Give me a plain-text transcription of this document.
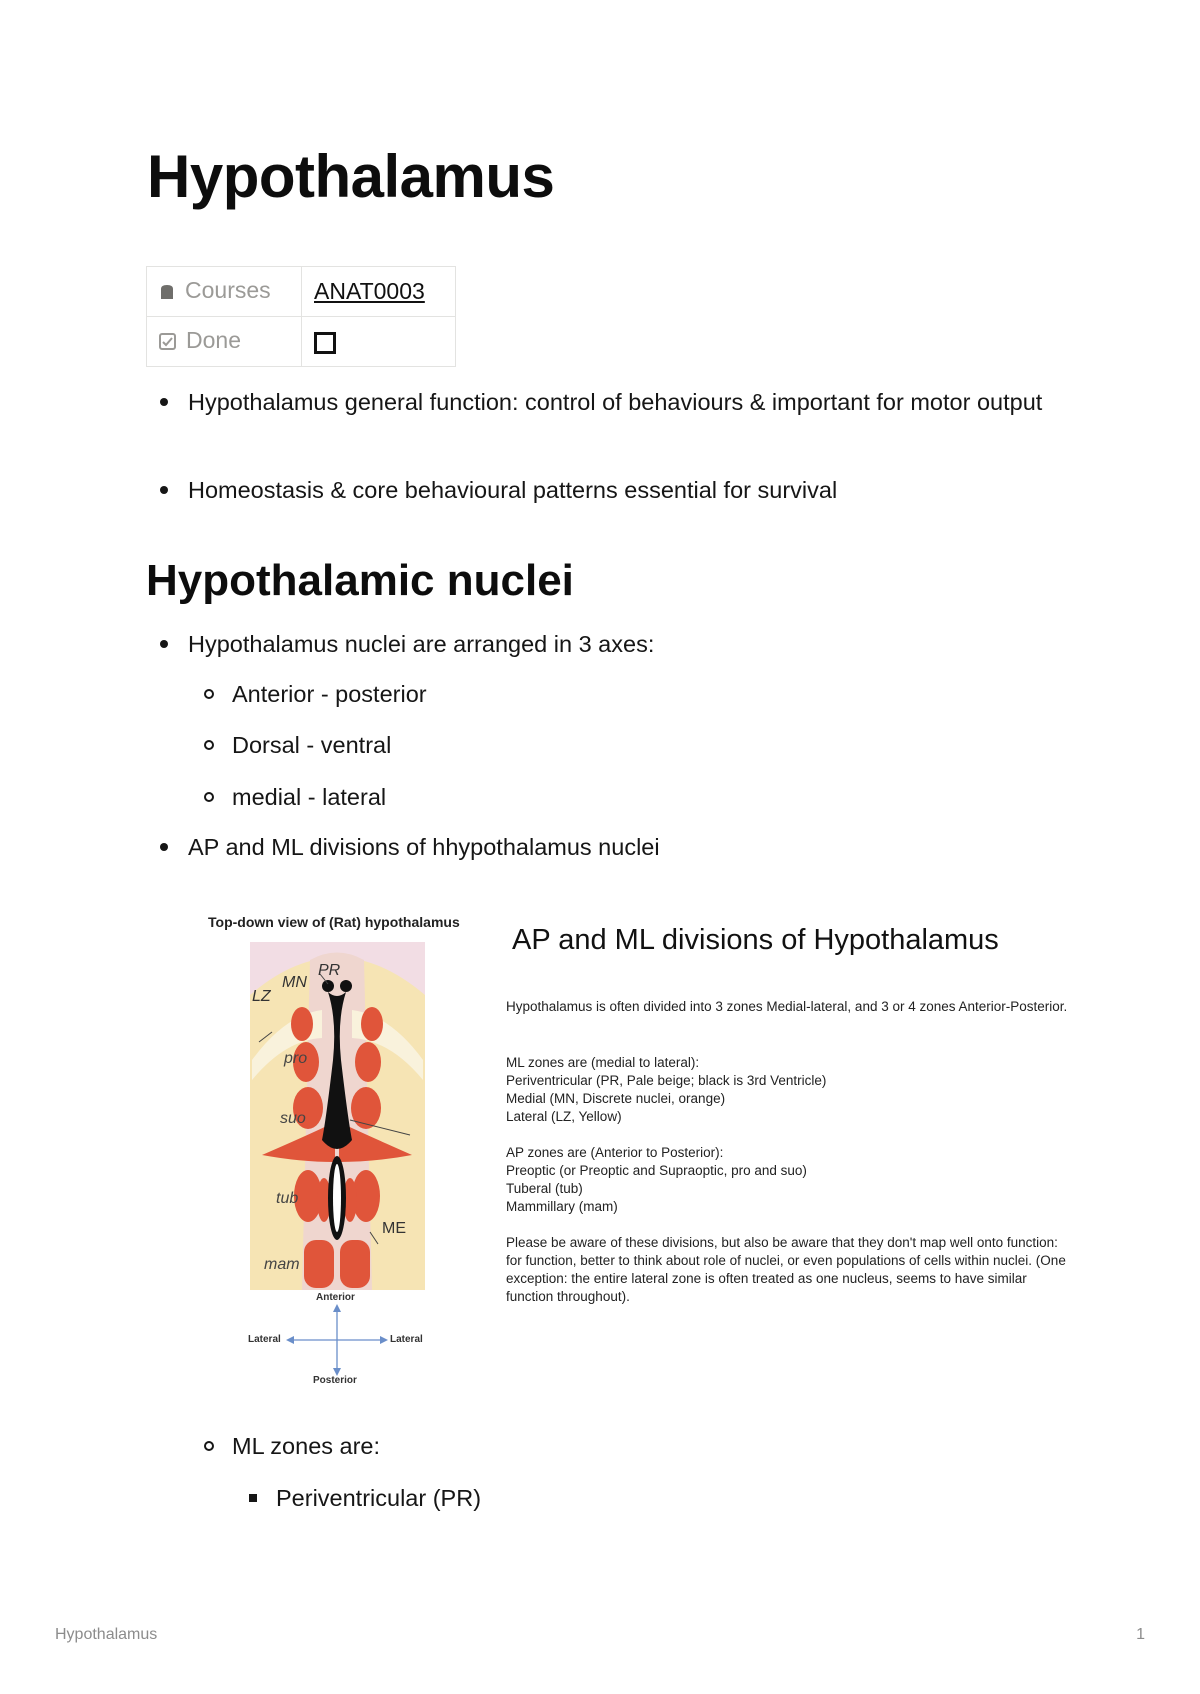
Hypothalamus
Courses	ANAT0003
Done	
Hypothalamus general function: control of behaviours & important for motor output
Homeostasis & core behavioural patterns essential for survival
Hypothalamic nuclei
Hypothalamus nuclei are arranged in 3 axes:
Anterior - posterior
Dorsal - ventral
medial - lateral
AP and ML divisions of hhypothalamus nuclei
Top-down view of (Rat) hypothalamus
PR
MN
LZ
pro
suo
tub
ME
mam
Anterior
Posterior
Lateral	Lateral
AP and ML divisions of Hypothalamus
Hypothalamus is often divided into 3 zones Medial-lateral, and 3 or 4 zones Anterior-Posterior.
ML zones are (medial to lateral):
Periventricular (PR, Pale beige; black is 3rd Ventricle)
Medial (MN, Discrete nuclei, orange)
Lateral (LZ, Yellow)
AP zones are (Anterior to Posterior):
Preoptic (or Preoptic and Supraoptic, pro and suo)
Tuberal (tub)
Mammillary (mam)
Please be aware of these divisions, but also be aware that they don't map well onto function: for function, better to think about role of nuclei, or even populations of cells within nuclei. (One exception: the entire lateral zone is often treated as one nucleus, seems to have similar function throughout).
ML zones are:
Periventricular (PR)
Hypothalamus	1
